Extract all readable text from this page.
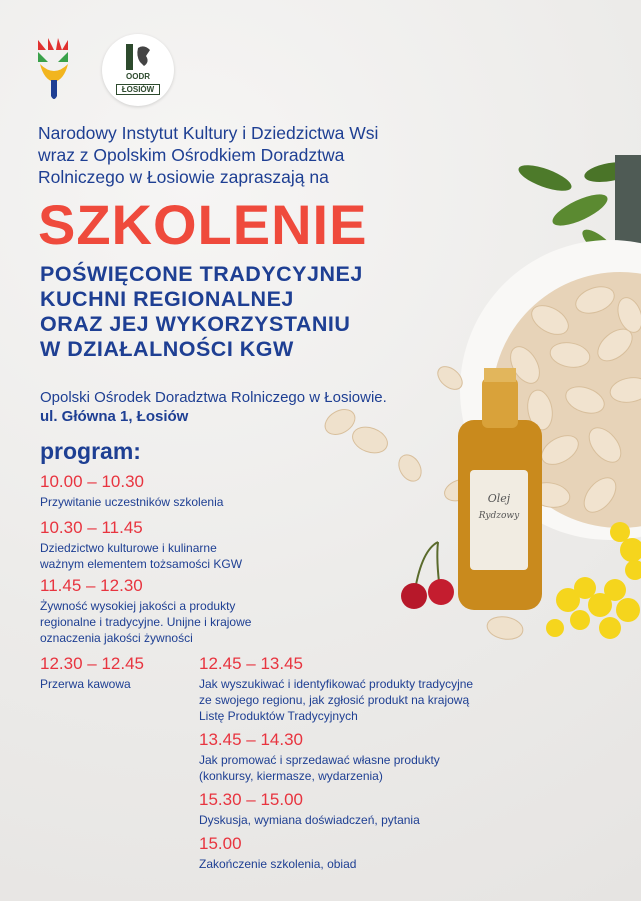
OODR
ŁOSIÓW
Olej
Rydzowy
Narodowy Instytut Kultury i Dziedzictwa Wsi
wraz z Opolskim Ośrodkiem Doradztwa
Rolniczego w Łosiowie zapraszają na
SZKOLENIE
POŚWIĘCONE TRADYCYJNEJ
KUCHNI REGIONALNEJ
ORAZ JEJ WYKORZYSTANIU
W DZIAŁALNOŚCI KGW
Opolski Ośrodek Doradztwa Rolniczego w Łosiowie.
ul. Główna 1, Łosiów
program:
10.00 – 10.30
Przywitanie uczestników szkolenia
10.30 – 11.45
Dziedzictwo kulturowe i kulinarne
ważnym elementem tożsamości KGW
11.45 – 12.30
Żywność wysokiej jakości a produkty
regionalne i tradycyjne. Unijne i krajowe
oznaczenia jakości żywności
12.30 – 12.45
Przerwa kawowa
12.45 – 13.45
Jak wyszukiwać i identyfikować produkty tradycyjne
ze swojego regionu, jak zgłosić produkt na krajową
Listę Produktów Tradycyjnych
13.45 – 14.30
Jak promować i sprzedawać własne produkty
(konkursy, kiermasze, wydarzenia)
15.30 – 15.00
Dyskusja, wymiana doświadczeń, pytania
15.00
Zakończenie szkolenia, obiad
